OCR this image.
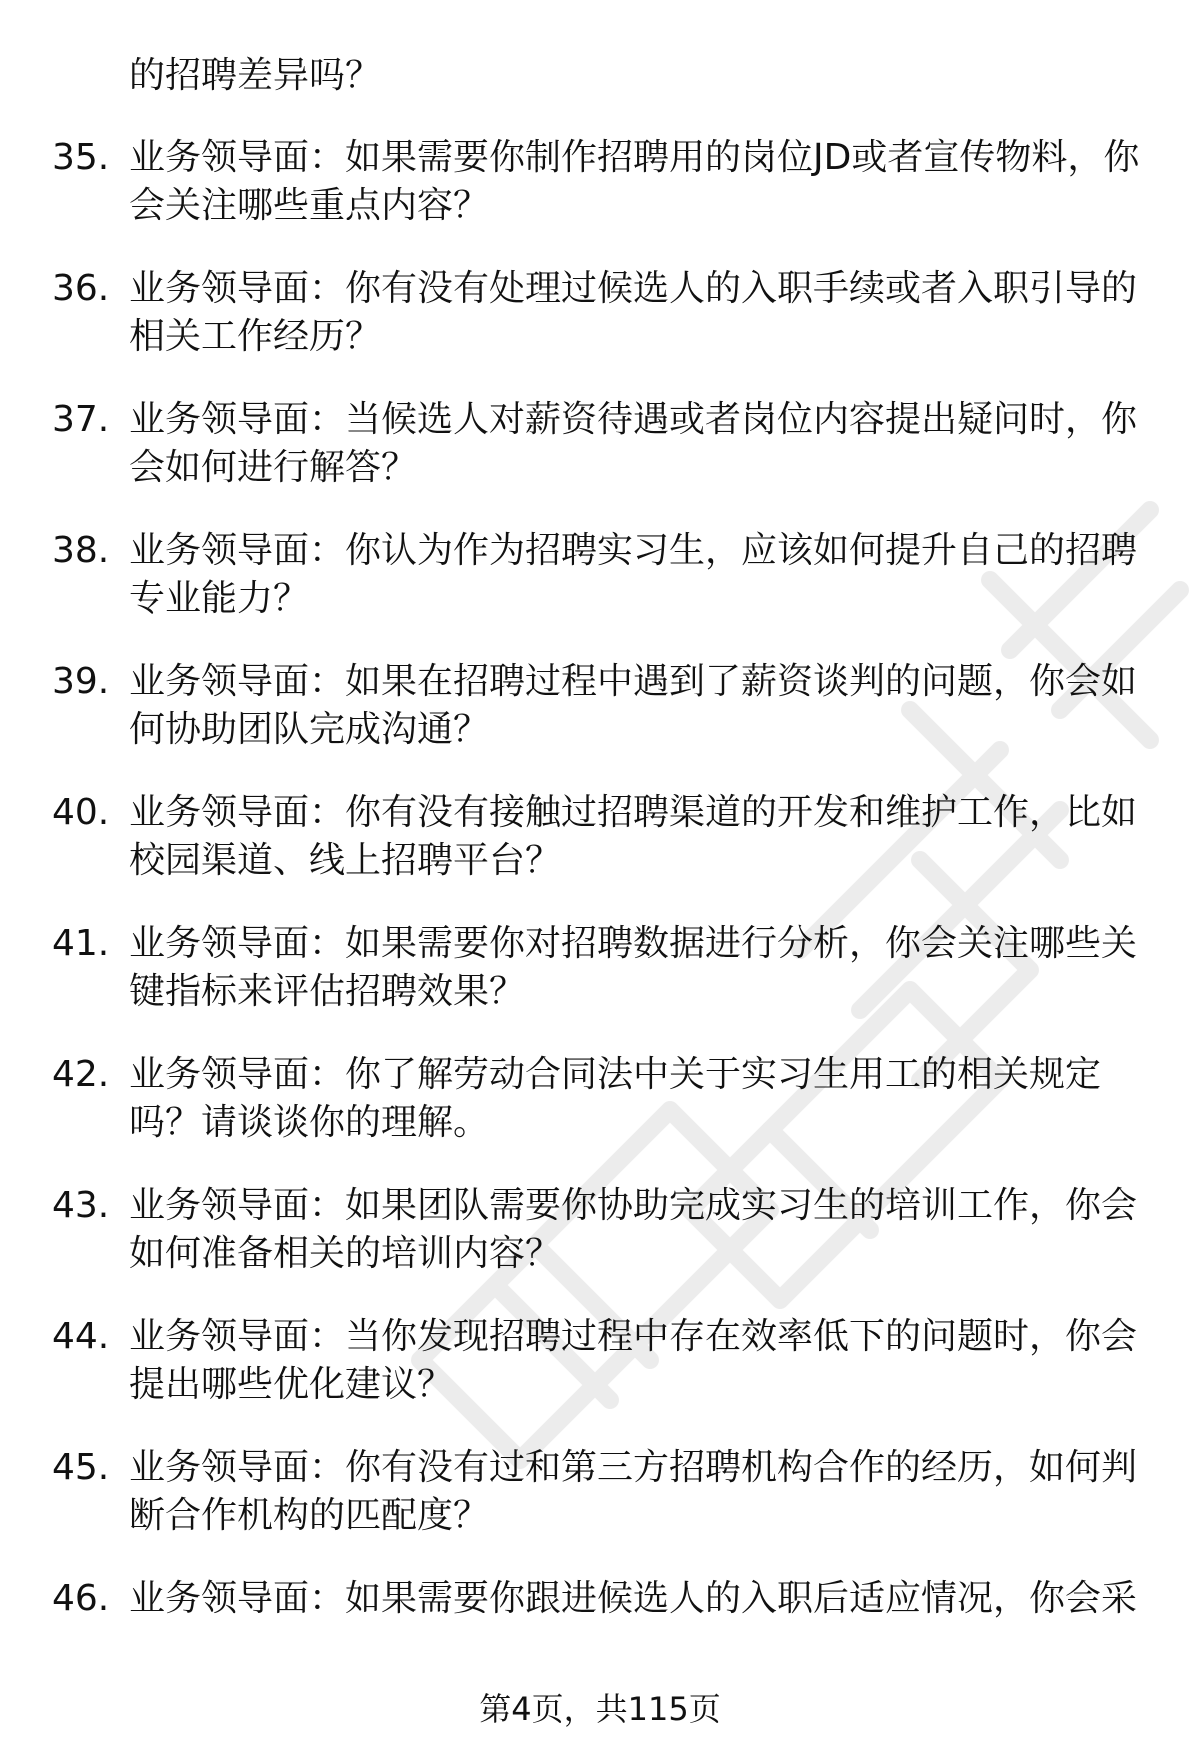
的招聘差异吗？
35. 业务领导面：如果需要你制作招聘用的岗位JD或者宣传物料，你会关注哪些重点内容？
36. 业务领导面：你有没有处理过候选人的入职手续或者入职引导的相关工作经历？
37. 业务领导面：当候选人对薪资待遇或者岗位内容提出疑问时，你会如何进行解答？
38. 业务领导面：你认为作为招聘实习生，应该如何提升自己的招聘专业能力？
39. 业务领导面：如果在招聘过程中遇到了薪资谈判的问题，你会如何协助团队完成沟通？
40. 业务领导面：你有没有接触过招聘渠道的开发和维护工作，比如校园渠道、线上招聘平台？
41. 业务领导面：如果需要你对招聘数据进行分析，你会关注哪些关键指标来评估招聘效果？
42. 业务领导面：你了解劳动合同法中关于实习生用工的相关规定吗？请谈谈你的理解。
43. 业务领导面：如果团队需要你协助完成实习生的培训工作，你会如何准备相关的培训内容？
44. 业务领导面：当你发现招聘过程中存在效率低下的问题时，你会提出哪些优化建议？
45. 业务领导面：你有没有过和第三方招聘机构合作的经历，如何判断合作机构的匹配度？
46. 业务领导面：如果需要你跟进候选人的入职后适应情况，你会采
第4页，共115页
